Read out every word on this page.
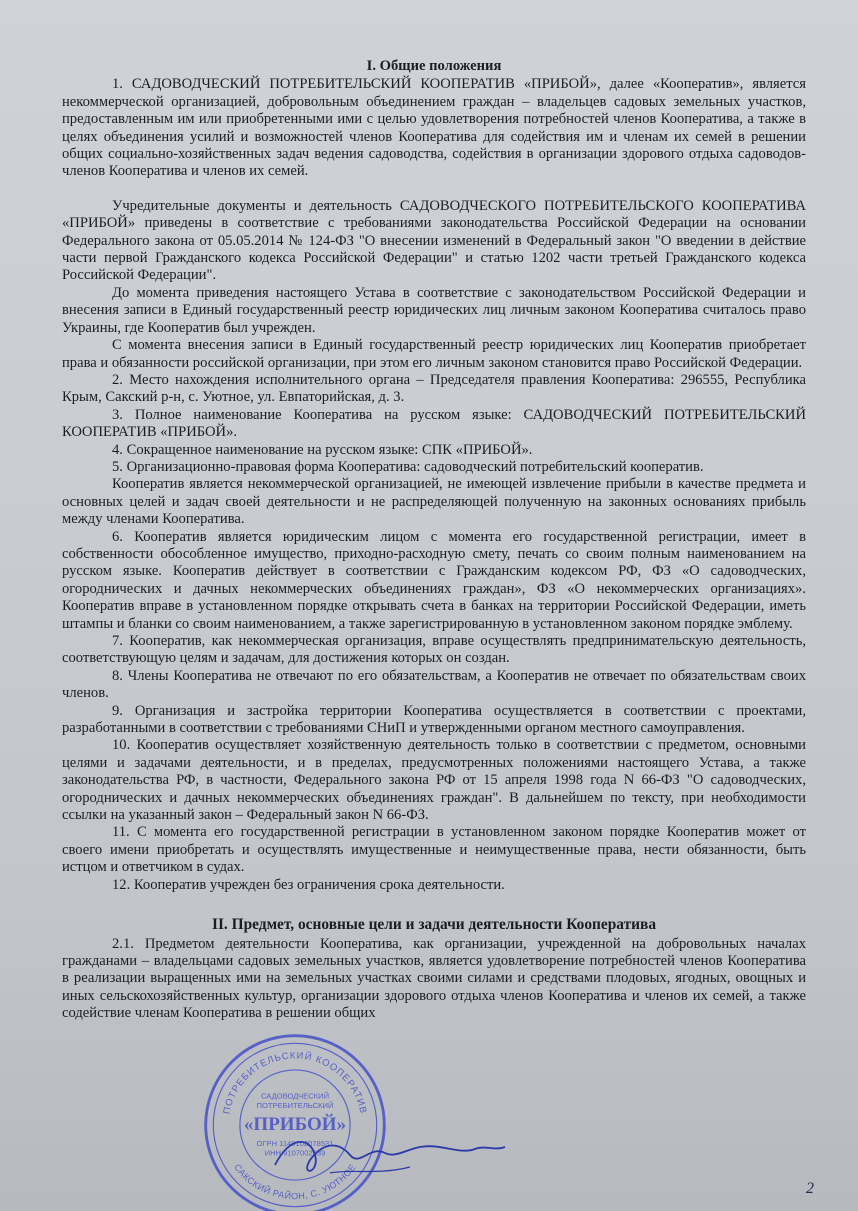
I. Общие положения

1. САДОВОДЧЕСКИЙ ПОТРЕБИТЕЛЬСКИЙ КООПЕРАТИВ «ПРИБОЙ», далее «Кооператив», является некоммерческой организацией, добровольным объединением граждан – владельцев садовых земельных участков, предоставленным им или приобретенными ими с целью удовлетворения потребностей членов Кооператива, а также в целях объединения усилий и возможностей членов Кооператива для содействия им и членам их семей в решении общих социально-хозяйственных задач ведения садоводства, содействия в организации здорового отдыха садоводов-членов Кооператива и членов их семей.

Учредительные документы и деятельность САДОВОДЧЕСКОГО ПОТРЕБИТЕЛЬСКОГО КООПЕРАТИВА «ПРИБОЙ» приведены в соответствие с требованиями законодательства Российской Федерации на основании Федерального закона от 05.05.2014 № 124-ФЗ "О внесении изменений в Федеральный закон "О введении в действие части первой Гражданского кодекса Российской Федерации" и статью 1202 части третьей Гражданского кодекса Российской Федерации".

До момента приведения настоящего Устава в соответствие с законодательством Российской Федерации и внесения записи в Единый государственный реестр юридических лиц личным законом Кооператива считалось право Украины, где Кооператив был учрежден.

С момента внесения записи в Единый государственный реестр юридических лиц Кооператив приобретает права и обязанности российской организации, при этом его личным законом становится право Российской Федерации.

2. Место нахождения исполнительного органа – Председателя правления Кооператива: 296555, Республика Крым, Сакский р-н, с. Уютное, ул. Евпаторийская, д. 3.

3. Полное наименование Кооператива на русском языке: САДОВОДЧЕСКИЙ ПОТРЕБИТЕЛЬСКИЙ КООПЕРАТИВ «ПРИБОЙ».

4. Сокращенное наименование на русском языке: СПК «ПРИБОЙ».

5. Организационно-правовая форма Кооператива: садоводческий потребительский кооператив.

Кооператив является некоммерческой организацией, не имеющей извлечение прибыли в качестве предмета и основных целей и задач своей деятельности и не распределяющей полученную на законных основаниях прибыль между членами Кооператива.

6. Кооператив является юридическим лицом с момента его государственной регистрации, имеет в собственности обособленное имущество, приходно-расходную смету, печать со своим полным наименованием на русском языке. Кооператив действует в соответствии с Гражданским кодексом РФ, ФЗ «О садоводческих, огороднических и дачных некоммерческих объединениях граждан», ФЗ «О некоммерческих организациях». Кооператив вправе в установленном порядке открывать счета в банках на территории Российской Федерации, иметь штампы и бланки со своим наименованием, а также зарегистрированную в установленном законом порядке эмблему.

7. Кооператив, как некоммерческая организация, вправе осуществлять предпринимательскую деятельность, соответствующую целям и задачам, для достижения которых он создан.

8. Члены Кооператива не отвечают по его обязательствам, а Кооператив не отвечает по обязательствам своих членов.

9. Организация и застройка территории Кооператива осуществляется в соответствии с проектами, разработанными в соответствии с требованиями СНиП и утвержденными органом местного самоуправления.

10. Кооператив осуществляет хозяйственную деятельность только в соответствии с предметом, основными целями и задачами деятельности, и в пределах, предусмотренных положениями настоящего Устава, а также законодательства РФ, в частности, Федерального закона РФ от 15 апреля 1998 года N 66-ФЗ "О садоводческих, огороднических и дачных некоммерческих объединениях граждан". В дальнейшем по тексту, при необходимости ссылки на указанный закон – Федеральный закон N 66-ФЗ.

11. С момента его государственной регистрации в установленном законом порядке Кооператив может от своего имени приобретать и осуществлять имущественные и неимущественные права, нести обязанности, быть истцом и ответчиком в судах.

12. Кооператив учрежден без ограничения срока деятельности.

II. Предмет, основные цели и задачи деятельности Кооператива

2.1. Предметом деятельности Кооператива, как организации, учрежденной на добровольных началах гражданами – владельцами садовых земельных участков, является удовлетворение потребностей членов Кооператива в реализации выращенных ими на земельных участках своими силами и средствами плодовых, ягодных, овощных и иных сельскохозяйственных культур, организации здорового отдыха членов Кооператива и членов их семей, а также содействие членам Кооператива в решении общих

ПОТРЕБИТЕЛЬСКИЙ КООПЕРАТИВ
САКСКИЙ РАЙОН, С. УЮТНОЕ
САДОВОДЧЕСКИЙ
ПОТРЕБИТЕЛЬСКИЙ
«ПРИБОЙ»
ОГРН 1149102078531
ИНН 9107002039
2
